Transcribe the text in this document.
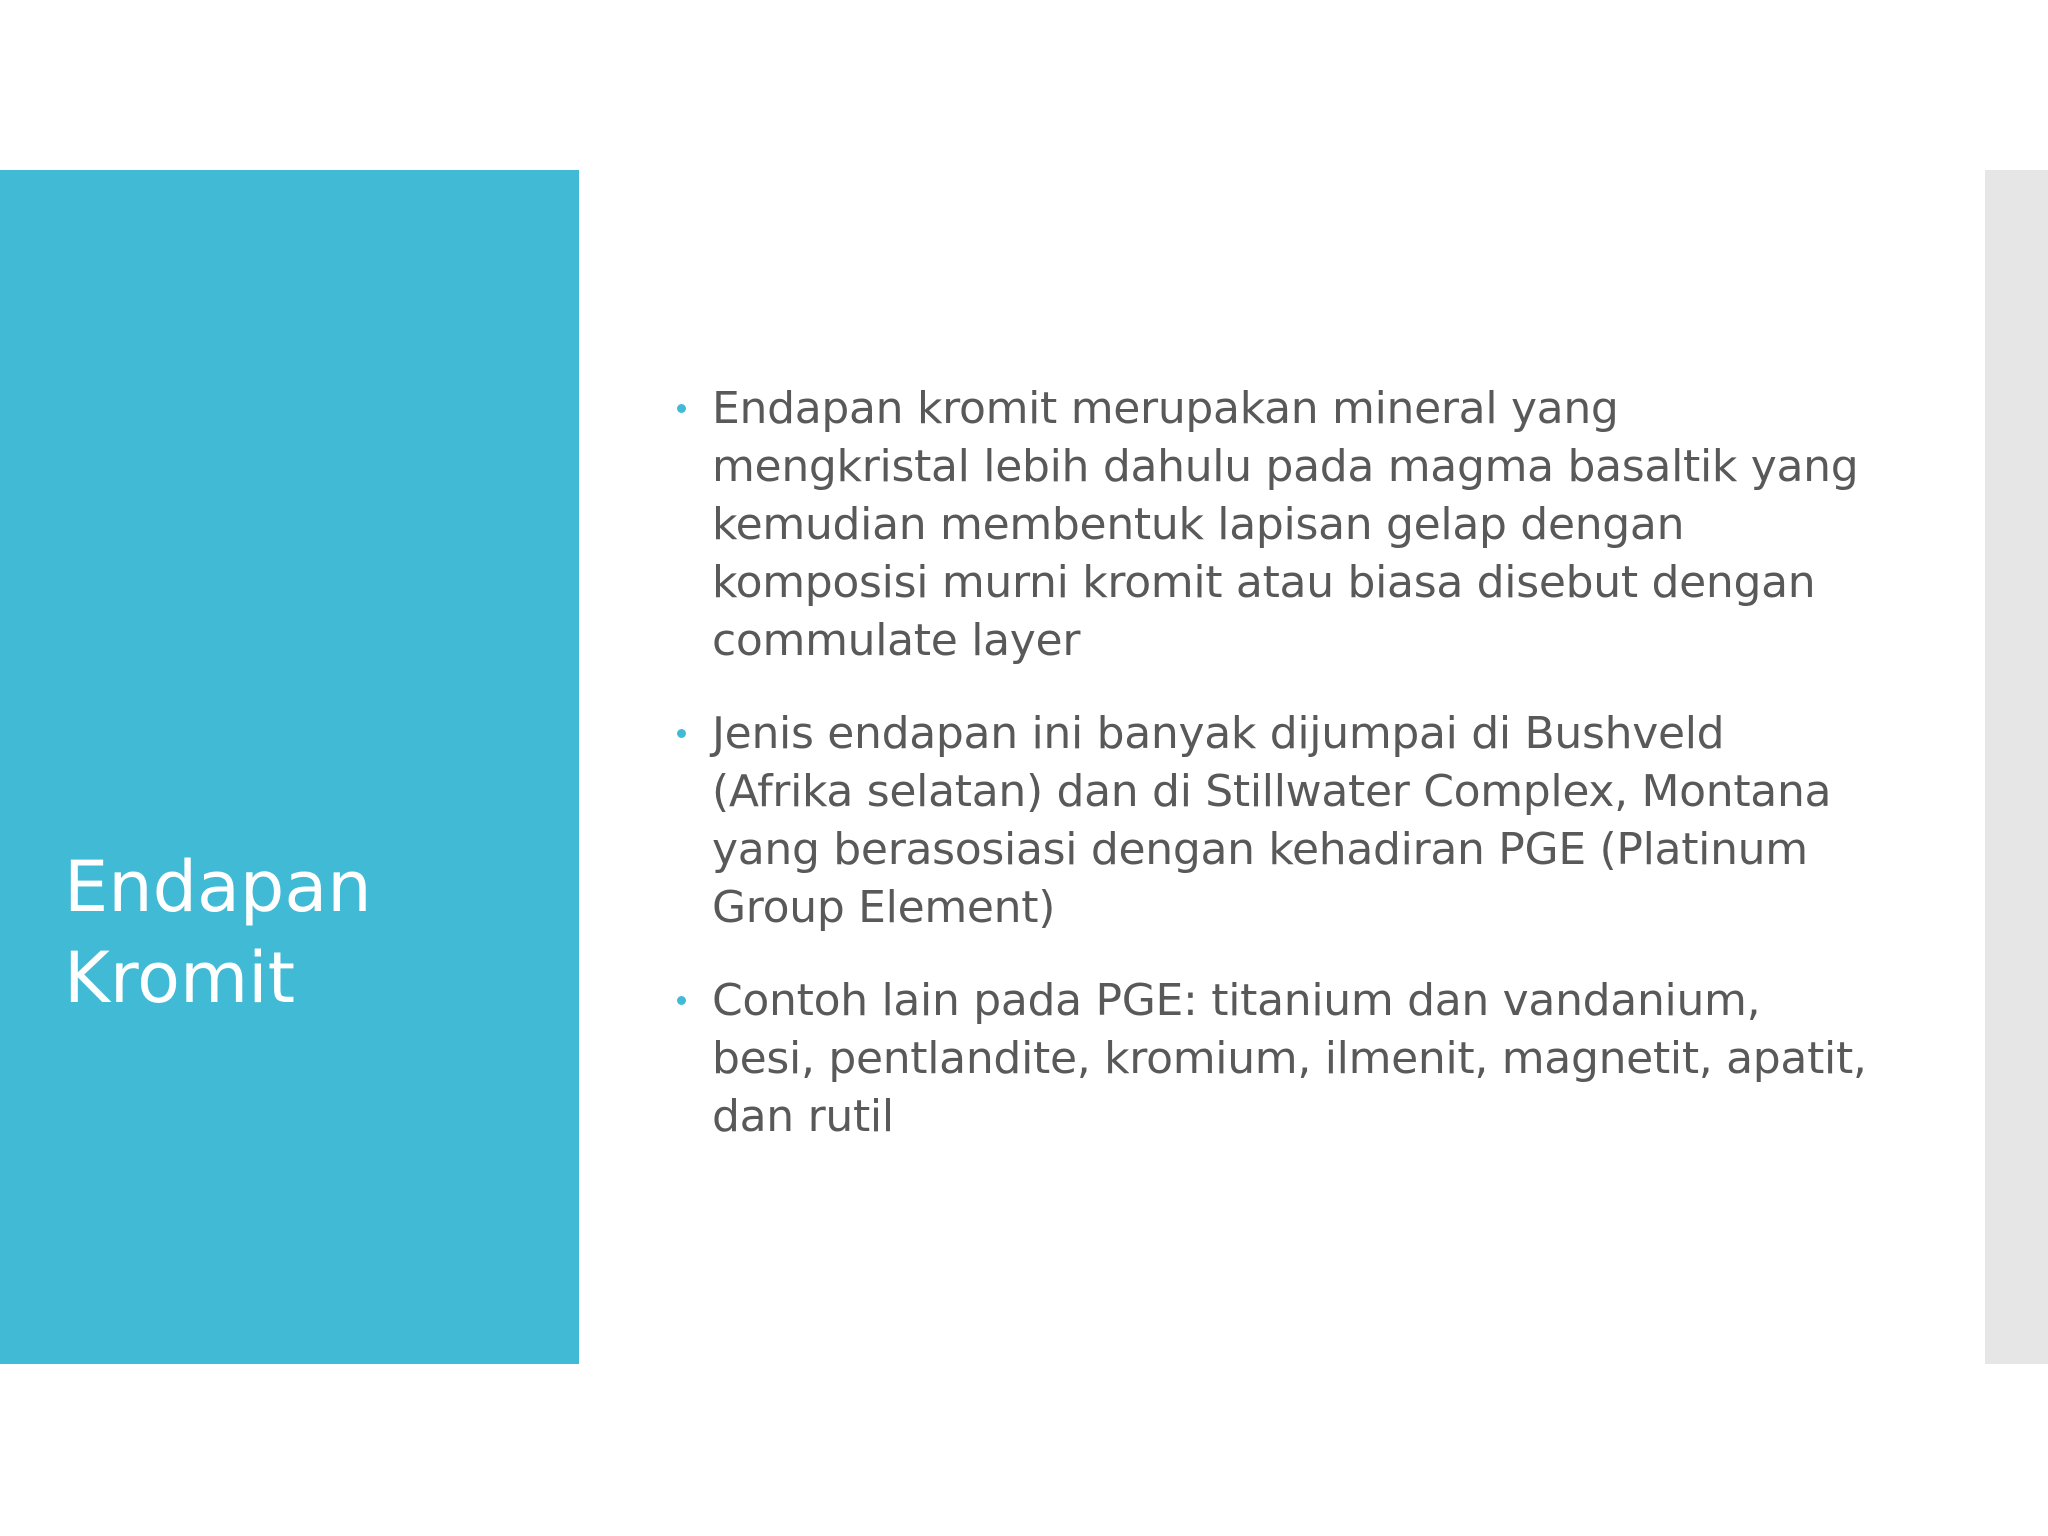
Endapan
Kromit
Endapan kromit merupakan mineral yang mengkristal lebih dahulu pada magma basaltik yang kemudian membentuk lapisan gelap dengan komposisi murni kromit atau biasa disebut dengan commulate layer
Jenis endapan ini banyak dijumpai di Bushveld (Afrika selatan) dan di Stillwater Complex, Montana yang berasosiasi dengan kehadiran PGE (Platinum Group Element)
Contoh lain pada PGE: titanium dan vandanium, besi, pentlandite, kromium, ilmenit, magnetit, apatit, dan rutil
